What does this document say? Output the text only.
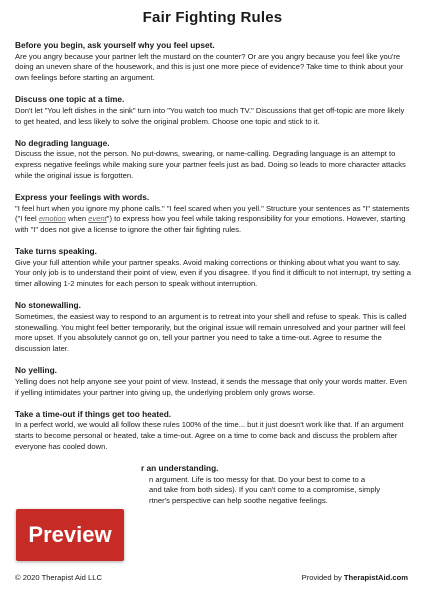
Fair Fighting Rules
Before you begin, ask yourself why you feel upset.
Are you angry because your partner left the mustard on the counter? Or are you angry because you feel like you're doing an uneven share of the housework, and this is just one more piece of evidence? Take time to think about your own feelings before starting an argument.
Discuss one topic at a time.
Don't let "You left dishes in the sink" turn into "You watch too much TV." Discussions that get off-topic are more likely to get heated, and less likely to solve the original problem. Choose one topic and stick to it.
No degrading language.
Discuss the issue, not the person. No put-downs, swearing, or name-calling. Degrading language is an attempt to express negative feelings while making sure your partner feels just as bad. Doing so leads to more character attacks while the original issue is forgotten.
Express your feelings with words.
"I feel hurt when you ignore my phone calls." "I feel scared when you yell." Structure your sentences as "I" statements ("I feel emotion when event") to express how you feel while taking responsibility for your emotions. However, starting with "I" does not give a license to ignore the other fair fighting rules.
Take turns speaking.
Give your full attention while your partner speaks. Avoid making corrections or thinking about what you want to say. Your only job is to understand their point of view, even if you disagree. If you find it difficult to not interrupt, try setting a timer allowing 1-2 minutes for each person to speak without interruption.
No stonewalling.
Sometimes, the easiest way to respond to an argument is to retreat into your shell and refuse to speak. This is called stonewalling. You might feel better temporarily, but the original issue will remain unresolved and your partner will feel more upset. If you absolutely cannot go on, tell your partner you need to take a time-out. Agree to resume the discussion later.
No yelling.
Yelling does not help anyone see your point of view. Instead, it sends the message that only your words matter. Even if yelling intimidates your partner into giving up, the underlying problem only grows worse.
Take a time-out if things get too heated.
In a perfect world, we would all follow these rules 100% of the time... but it just doesn't work like that. If an argument starts to become personal or heated, take a time-out. Agree on a time to come back and discuss the problem after everyone has cooled down.
r an understanding.
n argument. Life is too messy for that. Do your best to come to a
and take from both sides). If you can't come to a compromise, simply
rtner's perspective can help soothe negative feelings.
Preview
© 2020 Therapist Aid LLC	Provided by TherapistAid.com
